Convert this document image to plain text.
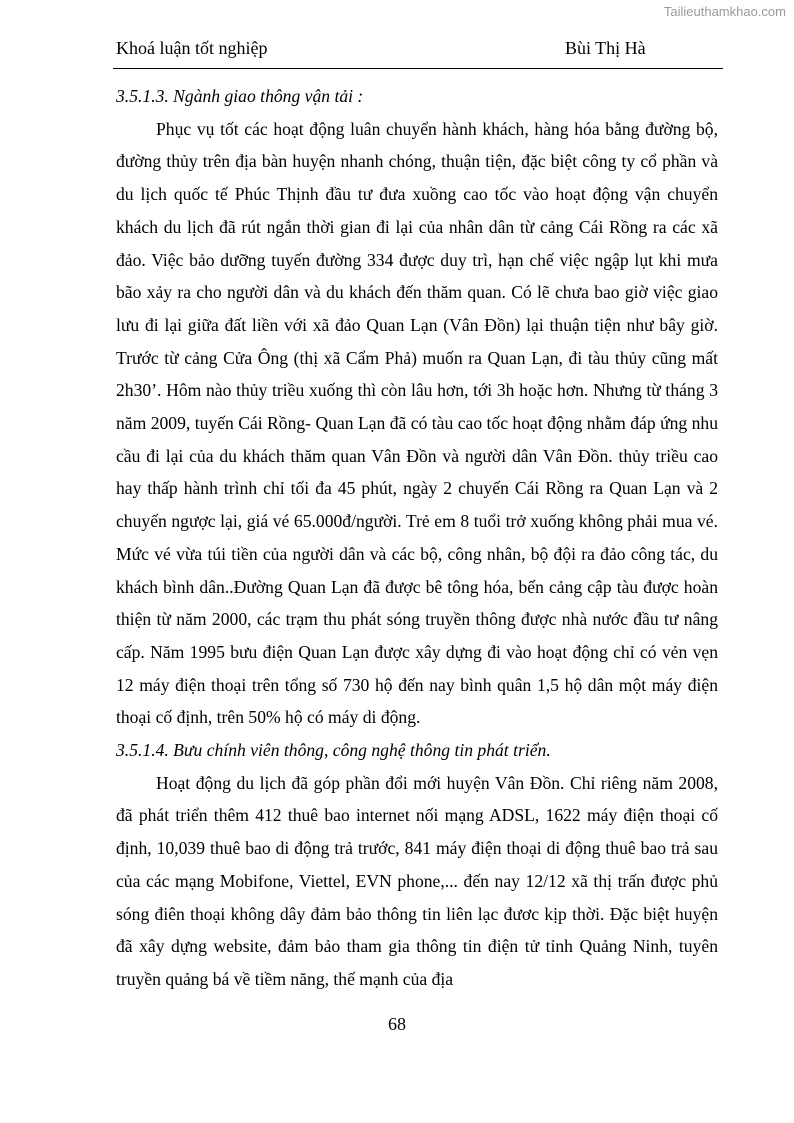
Tailieuthamkhao.com
Khoá luận tốt nghiệp	Bùi Thị Hà

3.5.1.3. Ngành giao thông vận tải :

Phục vụ tốt các hoạt động luân chuyển hành khách, hàng hóa bằng đường bộ, đường thủy trên địa bàn huyện nhanh chóng, thuận tiện, đặc biệt công ty cổ phần và du lịch quốc tế Phúc Thịnh đầu tư đưa xuồng cao tốc vào hoạt động vận chuyển khách du lịch đã rút ngắn thời gian đi lại của nhân dân từ cảng Cái Rồng ra các xã đảo. Việc bảo dưỡng tuyến đường 334 được duy trì, hạn chế việc ngập lụt khi mưa bão xảy ra cho người dân và du khách đến thăm quan. Có lẽ chưa bao giờ việc giao lưu đi lại giữa đất liền với xã đảo Quan Lạn (Vân Đồn) lại thuận tiện như bây giờ. Trước từ cảng Cửa Ông (thị xã Cẩm Phả) muốn ra Quan Lạn, đi tàu thủy cũng mất 2h30’. Hôm nào thủy triều xuống thì còn lâu hơn, tới 3h hoặc hơn. Nhưng từ tháng 3 năm 2009, tuyến Cái Rồng- Quan Lạn đã có tàu cao tốc hoạt động nhằm đáp ứng nhu cầu đi lại của du khách thăm quan Vân Đồn và người dân Vân Đồn. thủy triều cao hay thấp hành trình chỉ tối đa 45 phút, ngày 2 chuyến Cái Rồng ra Quan Lạn và 2 chuyến ngược lại, giá vé 65.000đ/người. Trẻ em 8 tuổi trở xuống không phải mua vé. Mức vé vừa túi tiền của người dân và các bộ, công nhân, bộ đội ra đảo công tác, du khách bình dân..Đường Quan Lạn đã được bê tông hóa, bến cảng cập tàu được hoàn thiện từ năm 2000, các trạm thu phát sóng truyền thông được nhà nước đầu tư nâng cấp. Năm 1995 bưu điện Quan Lạn được xây dựng đi vào hoạt động chỉ có vẻn vẹn 12 máy điện thoại trên tổng số 730 hộ đến nay bình quân 1,5 hộ dân một máy điện thoại cố định, trên 50% hộ có máy di động.

3.5.1.4. Bưu chính viên thông, công nghệ thông tin phát triển.

Hoạt động du lịch đã góp phần đổi mới huyện Vân Đồn. Chỉ riêng năm 2008, đã phát triển thêm 412 thuê bao internet nối mạng ADSL, 1622 máy điện thoại cố định, 10,039 thuê bao di động trả trước, 841 máy điện thoại di động thuê bao trả sau của các mạng Mobifone, Viettel, EVN phone,... đến nay 12/12 xã thị trấn được phủ sóng điên thoại không dây đảm bảo thông tin liên lạc đươc kịp thời. Đặc biệt huyện đã xây dựng website, đảm bảo tham gia thông tin điện tử tỉnh Quảng Ninh, tuyên truyền quảng bá về tiềm năng, thế mạnh của địa

68
